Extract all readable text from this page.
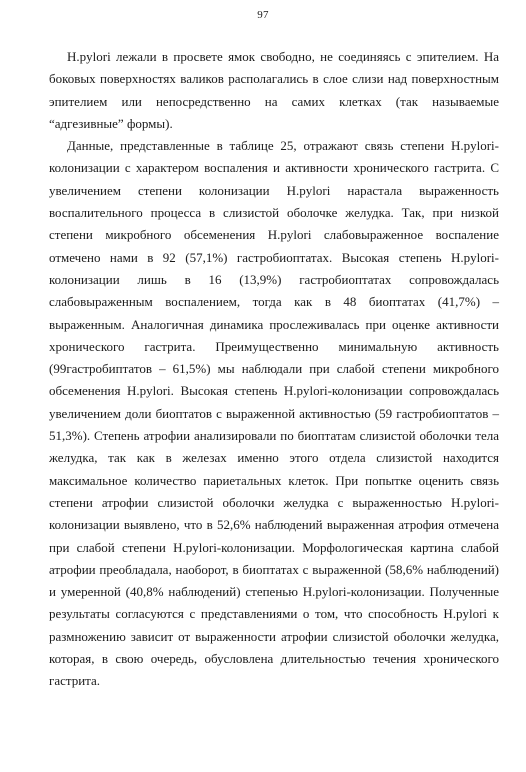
97

H.pylori лежали в просвете ямок свободно, не соединяясь с эпителием. На боковых поверхностях валиков располагались в слое слизи над поверхностным эпителием или непосредственно на самих клетках (так называемые “адгезивные” формы).

Данные, представленные в таблице 25, отражают связь степени H.pylori-колонизации с характером воспаления и активности хронического гастрита. С увеличением степени колонизации H.pylori нарастала выраженность воспалительного процесса в слизистой оболочке желудка. Так, при низкой степени микробного обсеменения H.pylori слабовыраженное воспаление отмечено нами в 92 (57,1%) гастробиоптатах. Высокая степень H.pylori-колонизации лишь в 16 (13,9%) гастробиоптатах сопровождалась слабовыраженным воспалением, тогда как в 48 биоптатах (41,7%) – выраженным. Аналогичная динамика прослеживалась при оценке активности хронического гастрита. Преимущественно минимальную активность (99гастробиптатов – 61,5%) мы наблюдали при слабой степени микробного обсеменения H.pylori. Высокая степень H.pylori-колонизации сопровождалась увеличением доли биоптатов с выраженной активностью (59 гастробиоптатов – 51,3%). Степень атрофии анализировали по биоптатам слизистой оболочки тела желудка, так как в железах именно этого отдела слизистой находится максимальное количество париетальных клеток. При попытке оценить связь степени атрофии слизистой оболочки желудка с выраженностью H.pylori-колонизации выявлено, что в 52,6% наблюдений выраженная атрофия отмечена при слабой степени H.pylori-колонизации. Морфологическая картина слабой атрофии преобладала, наоборот, в биоптатах с выраженной (58,6% наблюдений) и умеренной (40,8% наблюдений) степенью H.pylori-колонизации. Полученные результаты согласуются с представлениями о том, что способность H.pylori к размножению зависит от выраженности атрофии слизистой оболочки желудка, которая, в свою очередь, обусловлена длительностью течения хронического гастрита.
